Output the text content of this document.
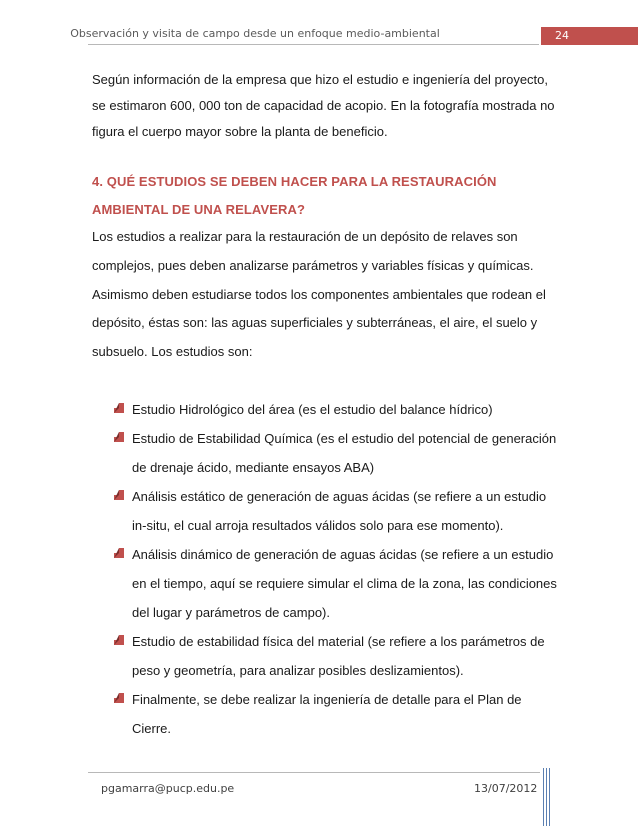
Observación y visita de campo desde un enfoque medio-ambiental	24
Según información de la empresa que hizo el estudio e ingeniería del proyecto,
se estimaron 600, 000 ton de capacidad de acopio. En la fotografía mostrada no
figura el cuerpo mayor sobre la planta de beneficio.
4. QUÉ ESTUDIOS SE DEBEN HACER PARA LA RESTAURACIÓN
AMBIENTAL DE UNA RELAVERA?
Los estudios a realizar para la restauración de un depósito de relaves son
complejos, pues deben analizarse parámetros y variables físicas y químicas.
Asimismo deben estudiarse todos los componentes ambientales que rodean el
depósito, éstas son: las aguas superficiales y subterráneas, el aire, el suelo y
subsuelo. Los estudios son:
Estudio Hidrológico del área (es el estudio del balance hídrico)
Estudio de Estabilidad Química (es el estudio del potencial de generación
de drenaje ácido, mediante ensayos ABA)
Análisis estático de generación de aguas ácidas (se refiere a un estudio
in-situ, el cual arroja resultados válidos solo para ese momento).
Análisis dinámico de generación de aguas ácidas (se refiere a un estudio
en el tiempo, aquí se requiere simular el clima de la zona, las condiciones
del lugar y parámetros de campo).
Estudio de estabilidad física del material (se refiere a los parámetros de
peso y geometría, para analizar posibles deslizamientos).
Finalmente, se debe realizar la ingeniería de detalle para el Plan de
Cierre.
pgamarra@pucp.edu.pe	13/07/2012
